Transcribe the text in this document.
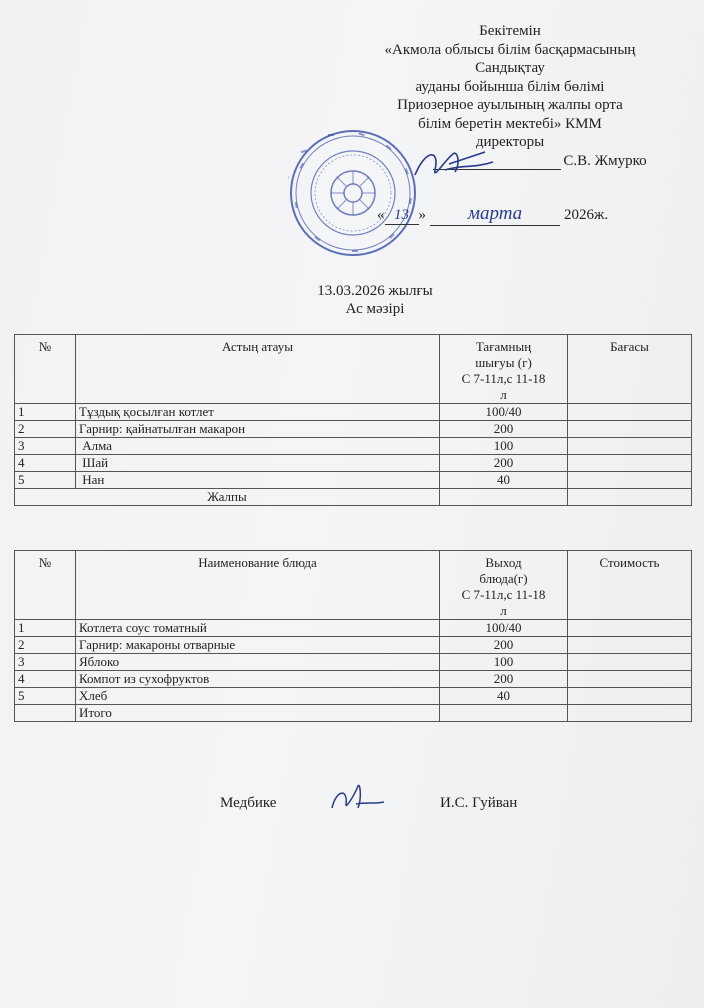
Бекітемін
«Акмола облысы білім басқармасының
Сандықтау
ауданы бойынша білім бөлімі
Приозерное ауылының жалпы орта
білім беретін мектебі» КММ
директоры
С.В. Жмурко
« 13 » марта	2026ж.
13.03.2026 жылғы
Ас мәзірі
№	Астың атауы	Тағамның
шығуы (г)
С 7-11л,с 11-18
л	Бағасы
1	Тұздық қосылған котлет	100/40	
2	Гарнир: қайнатылған макарон	200	
3	Алма	100	
4	Шай	200	
5	Нан	40	
Жалпы			
№	Наименование блюда	Выход
блюда(г)
С 7-11л,с 11-18
л	Стоимость
1	Котлета соус томатный	100/40	
2	Гарнир: макароны отварные	200	
3	Яблоко	100	
4	Компот из сухофруктов	200	
5	Хлеб	40	
	Итого		
Медбике	И.С. Гуйван
